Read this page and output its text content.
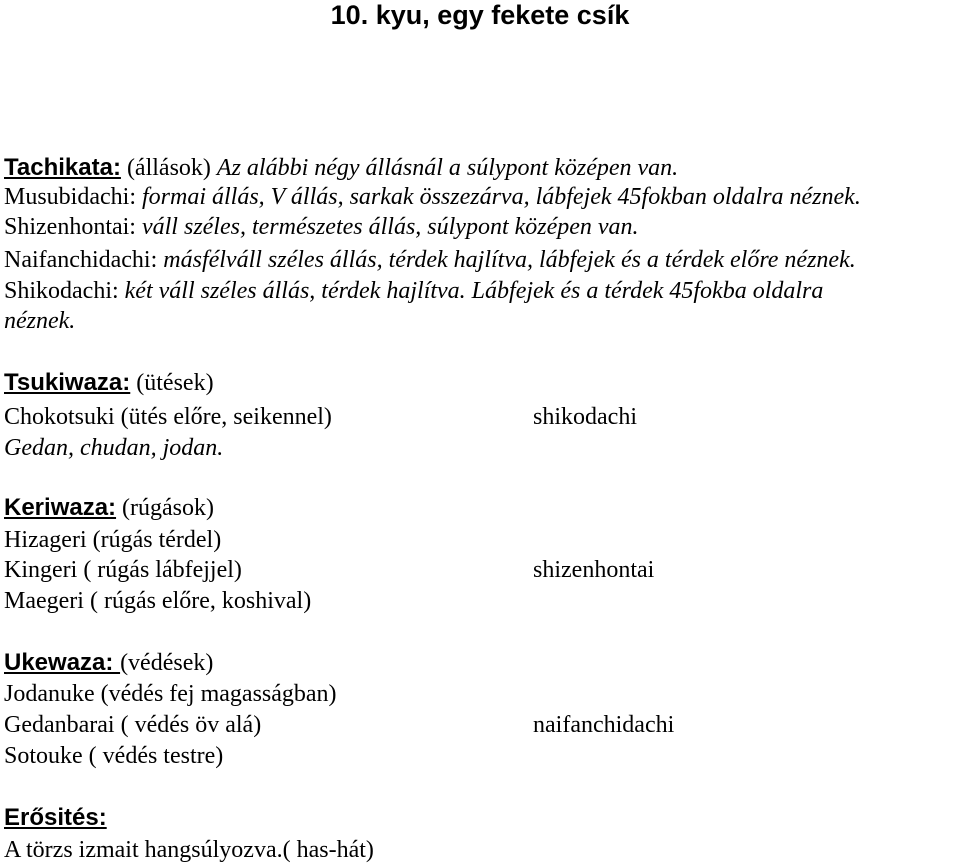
10. kyu, egy fekete csík
Tachikata: (állások) Az alábbi négy állásnál a súlypont középen van.
Musubidachi: formai állás, V állás, sarkak összezárva, lábfejek 45fokban oldalra néznek.
Shizenhontai: váll széles, természetes állás, súlypont középen van.
Naifanchidachi: másfélváll széles állás, térdek hajlítva, lábfejek és a térdek előre néznek.
Shikodachi: két váll széles állás, térdek hajlítva. Lábfejek és a térdek 45fokba oldalra
néznek.
Tsukiwaza: (ütések)
Chokotsuki (ütés előre, seikennel)
Gedan, chudan, jodan.
Keriwaza: (rúgások)
Hizageri (rúgás térdel)
Kingeri ( rúgás lábfejjel)
Maegeri ( rúgás előre, koshival)
Ukewaza: (védések)
Jodanuke (védés fej magasságban)
Gedanbarai ( védés öv alá)
Sotouke ( védés testre)
Erősités:
A törzs izmait hangsúlyozva.( has-hát)
shikodachi
shizenhontai
naifanchidachi
